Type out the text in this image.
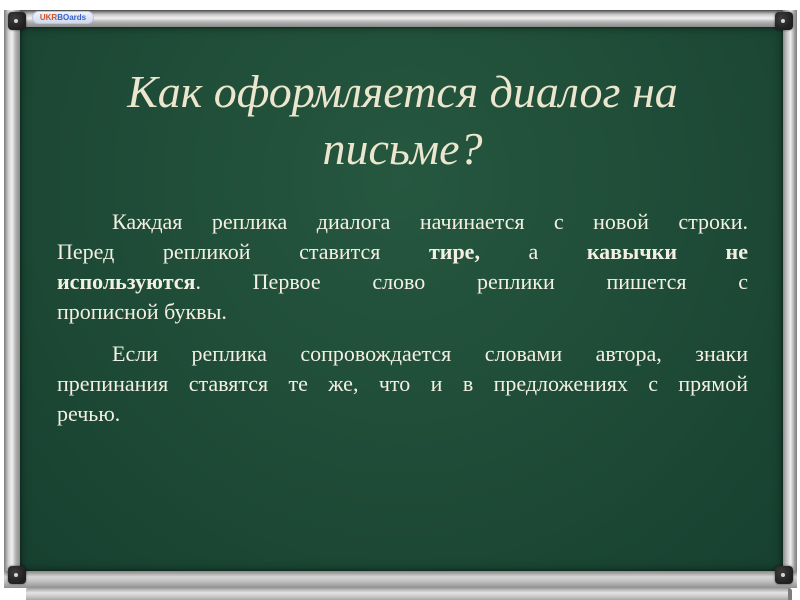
Как оформляется диалог на письме?
Каждая реплика диалога начинается с новой строки.
Перед репликой ставится тире, а кавычки не
используются. Первое слово реплики пишется с
прописной буквы.
Если реплика сопровождается словами автора, знаки
препинания ставятся те же, что и в предложениях с прямой
речью.
UKRBOards
